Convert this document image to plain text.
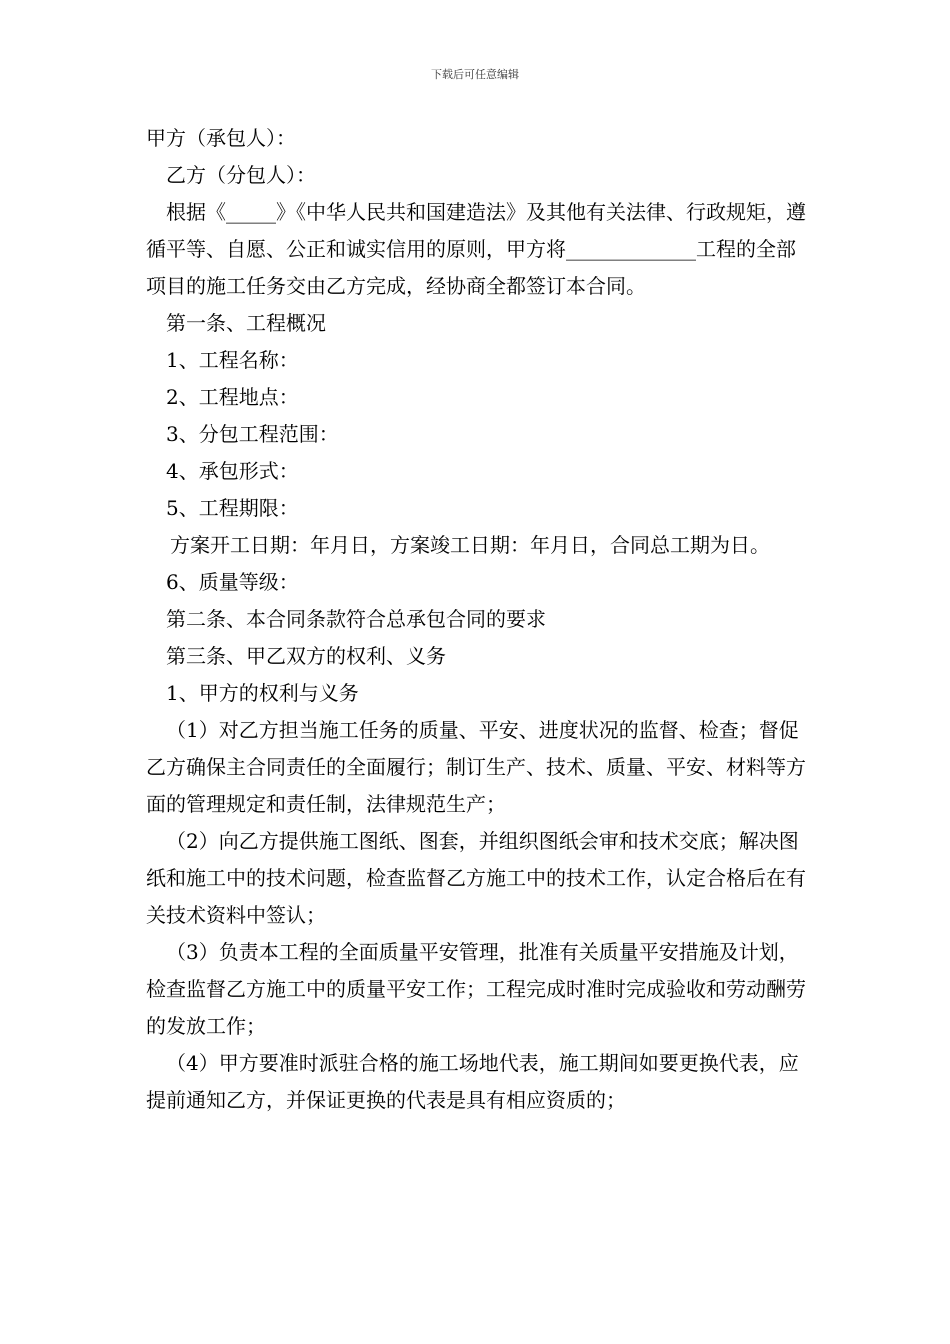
下载后可任意编辑

甲方（承包人）：

乙方（分包人）：

根据《_____》《中华人民共和国建造法》及其他有关法律、行政规矩，遵循平等、自愿、公正和诚实信用的原则，甲方将_____________工程的全部项目的施工任务交由乙方完成，经协商全都签订本合同。

第一条、工程概况

1、工程名称：

2、工程地点：

3、分包工程范围：

4、承包形式：

5、工程期限：

方案开工日期：年月日，方案竣工日期：年月日，合同总工期为日。

6、质量等级：

第二条、本合同条款符合总承包合同的要求

第三条、甲乙双方的权利、义务

1、甲方的权利与义务

（1）对乙方担当施工任务的质量、平安、进度状况的监督、检查；督促乙方确保主合同责任的全面履行；制订生产、技术、质量、平安、材料等方面的管理规定和责任制，法律规范生产；

（2）向乙方提供施工图纸、图套，并组织图纸会审和技术交底；解决图纸和施工中的技术问题，检查监督乙方施工中的技术工作，认定合格后在有关技术资料中签认；

（3）负责本工程的全面质量平安管理，批准有关质量平安措施及计划，检查监督乙方施工中的质量平安工作；工程完成时准时完成验收和劳动酬劳的发放工作；

（4）甲方要准时派驻合格的施工场地代表，施工期间如要更换代表，应提前通知乙方，并保证更换的代表是具有相应资质的；
